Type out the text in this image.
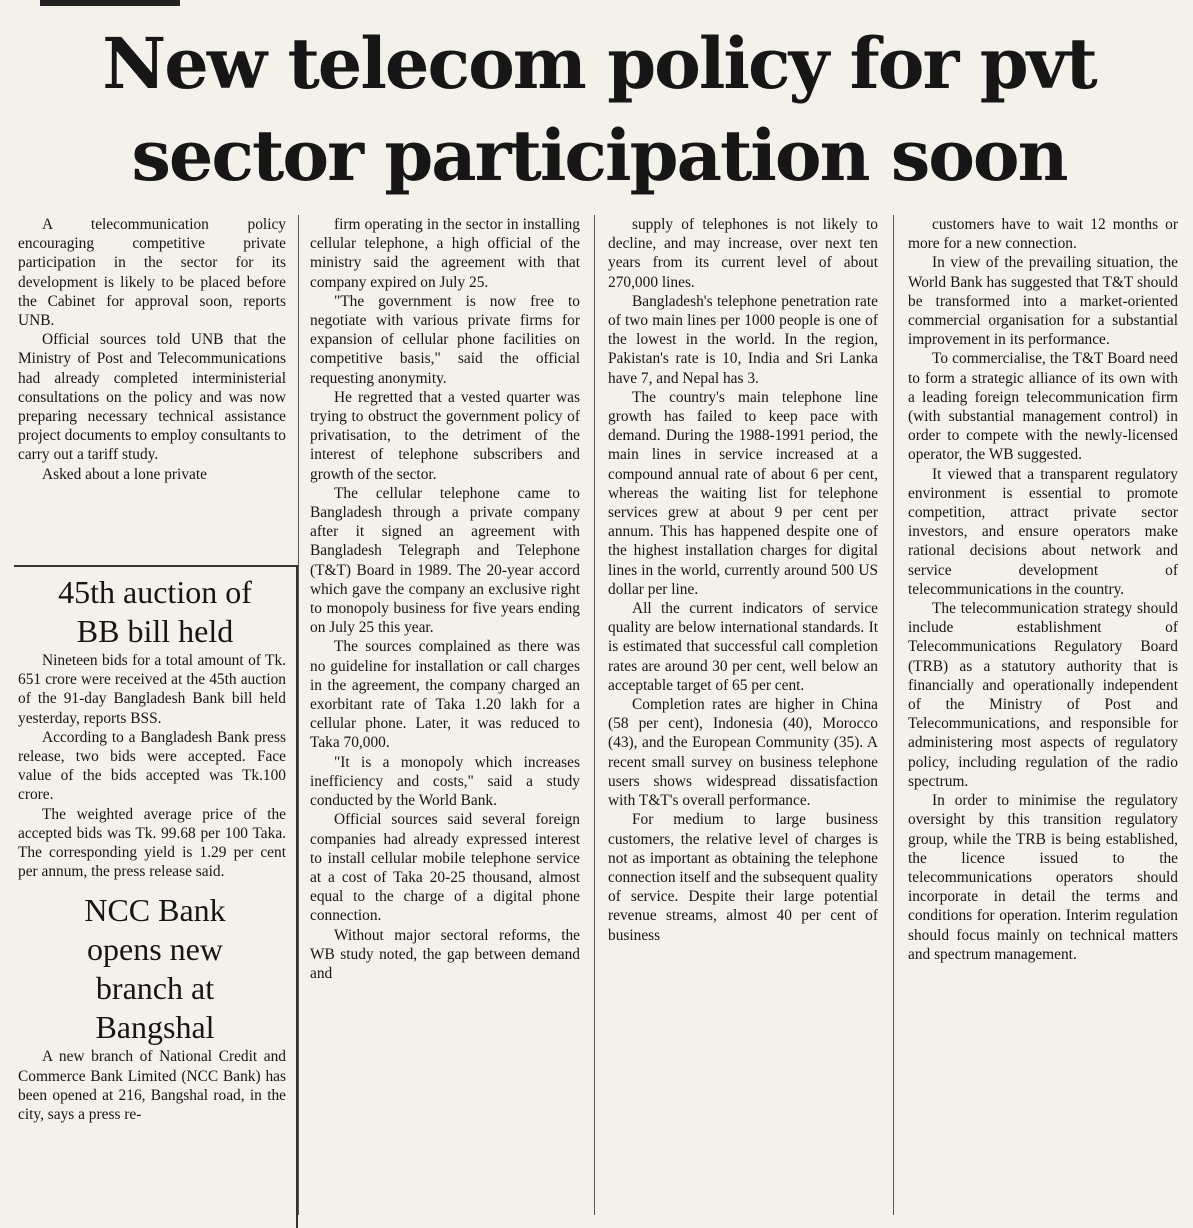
New telecom policy for pvt sector participation soon

A telecommunication policy encouraging competitive private participation in the sector for its development is likely to be placed before the Cabinet for approval soon, reports UNB.

Official sources told UNB that the Ministry of Post and Telecommunications had already completed interministerial consultations on the policy and was now preparing necessary technical assistance project documents to employ consultants to carry out a tariff study.

Asked about a lone private

45th auction of
BB bill held

Nineteen bids for a total amount of Tk. 651 crore were received at the 45th auction of the 91-day Bangladesh Bank bill held yesterday, reports BSS.

According to a Bangladesh Bank press release, two bids were accepted. Face value of the bids accepted was Tk.100 crore.

The weighted average price of the accepted bids was Tk. 99.68 per 100 Taka. The corresponding yield is 1.29 per cent per annum, the press release said.

NCC Bank
opens new
branch at
Bangshal

A new branch of National Credit and Commerce Bank Limited (NCC Bank) has been opened at 216, Bangshal road, in the city, says a press re-

firm operating in the sector in installing cellular telephone, a high official of the ministry said the agreement with that company expired on July 25.

"The government is now free to negotiate with various private firms for expansion of cellular phone facilities on competitive basis," said the official requesting anonymity.

He regretted that a vested quarter was trying to obstruct the government policy of privatisation, to the detriment of the interest of telephone subscribers and growth of the sector.

The cellular telephone came to Bangladesh through a private company after it signed an agreement with Bangladesh Telegraph and Telephone (T&T) Board in 1989. The 20-year accord which gave the company an exclusive right to monopoly business for five years ending on July 25 this year.

The sources complained as there was no guideline for installation or call charges in the agreement, the company charged an exorbitant rate of Taka 1.20 lakh for a cellular phone. Later, it was reduced to Taka 70,000.

"It is a monopoly which increases inefficiency and costs," said a study conducted by the World Bank.

Official sources said several foreign companies had already expressed interest to install cellular mobile telephone service at a cost of Taka 20-25 thousand, almost equal to the charge of a digital phone connection.

Without major sectoral reforms, the WB study noted, the gap between demand and

supply of telephones is not likely to decline, and may increase, over next ten years from its current level of about 270,000 lines.

Bangladesh's telephone penetration rate of two main lines per 1000 people is one of the lowest in the world. In the region, Pakistan's rate is 10, India and Sri Lanka have 7, and Nepal has 3.

The country's main telephone line growth has failed to keep pace with demand. During the 1988-1991 period, the main lines in service increased at a compound annual rate of about 6 per cent, whereas the waiting list for telephone services grew at about 9 per cent per annum. This has happened despite one of the highest installation charges for digital lines in the world, currently around 500 US dollar per line.

All the current indicators of service quality are below international standards. It is estimated that successful call completion rates are around 30 per cent, well below an acceptable target of 65 per cent.

Completion rates are higher in China (58 per cent), Indonesia (40), Morocco (43), and the European Community (35). A recent small survey on business telephone users shows widespread dissatisfaction with T&T's overall performance.

For medium to large business customers, the relative level of charges is not as important as obtaining the telephone connection itself and the subsequent quality of service. Despite their large potential revenue streams, almost 40 per cent of business

customers have to wait 12 months or more for a new connection.

In view of the prevailing situation, the World Bank has suggested that T&T should be transformed into a market-oriented commercial organisation for a substantial improvement in its performance.

To commercialise, the T&T Board need to form a strategic alliance of its own with a leading foreign telecommunication firm (with substantial management control) in order to compete with the newly-licensed operator, the WB suggested.

It viewed that a transparent regulatory environment is essential to promote competition, attract private sector investors, and ensure operators make rational decisions about network and service development of telecommunications in the country.

The telecommunication strategy should include establishment of Telecommunications Regulatory Board (TRB) as a statutory authority that is financially and operationally independent of the Ministry of Post and Telecommunications, and responsible for administering most aspects of regulatory policy, including regulation of the radio spectrum.

In order to minimise the regulatory oversight by this transition regulatory group, while the TRB is being established, the licence issued to the telecommunications operators should incorporate in detail the terms and conditions for operation. Interim regulation should focus mainly on technical matters and spectrum management.
